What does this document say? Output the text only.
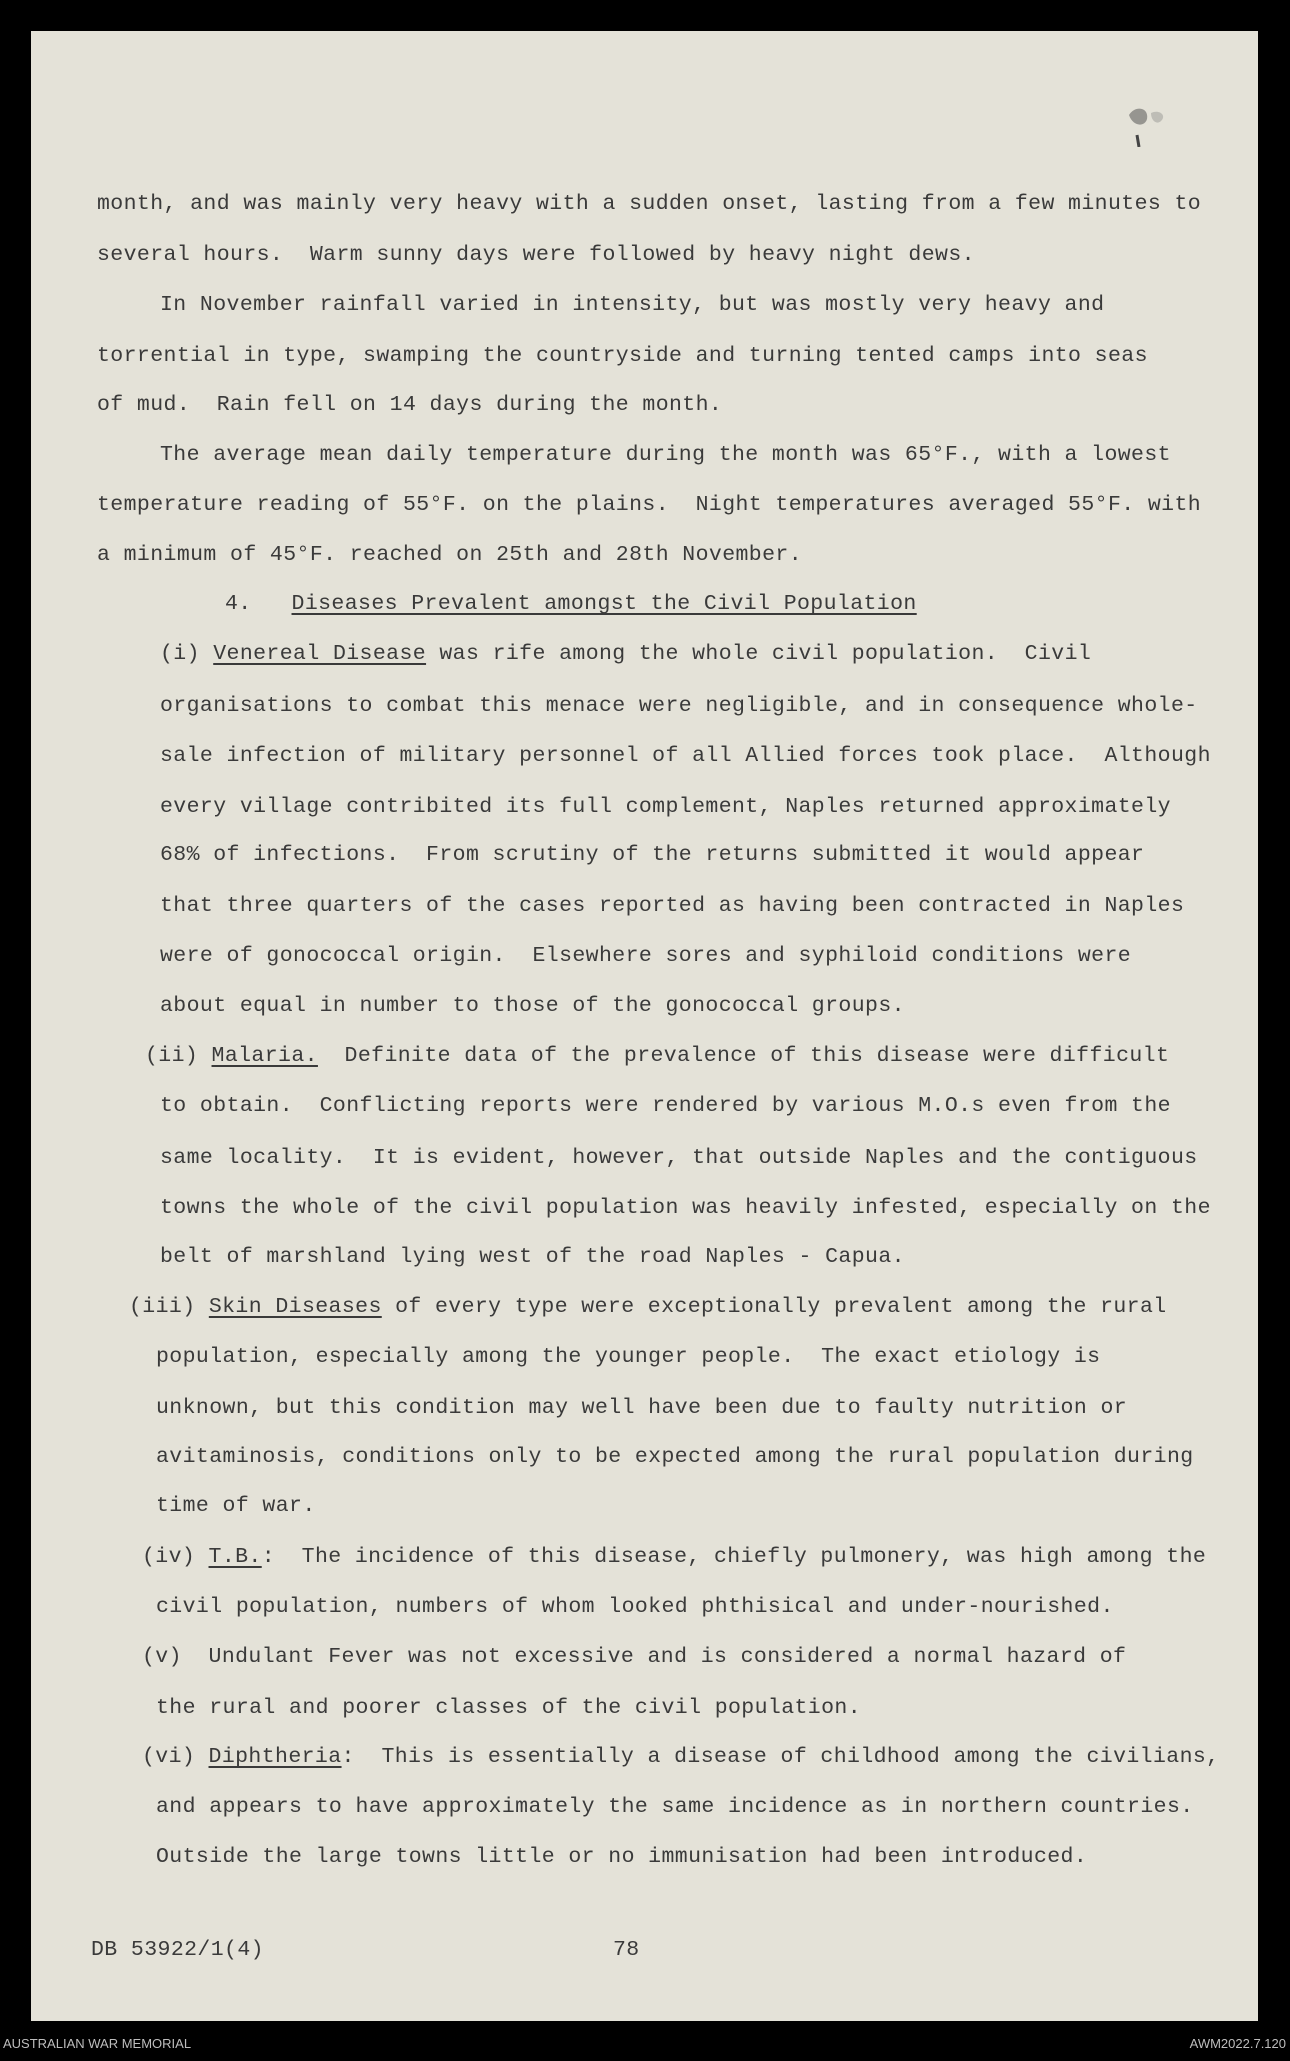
month, and was mainly very heavy with a sudden onset, lasting from a few minutes to
several hours.  Warm sunny days were followed by heavy night dews.
In November rainfall varied in intensity, but was mostly very heavy and
torrential in type, swamping the countryside and turning tented camps into seas
of mud.  Rain fell on 14 days during the month.
The average mean daily temperature during the month was 65°F., with a lowest
temperature reading of 55°F. on the plains.  Night temperatures averaged 55°F. with
a minimum of 45°F. reached on 25th and 28th November.
4.   Diseases Prevalent amongst the Civil Population
(i) Venereal Disease was rife among the whole civil population.  Civil
organisations to combat this menace were negligible, and in consequence whole-
sale infection of military personnel of all Allied forces took place.  Although
every village contribited its full complement, Naples returned approximately
68% of infections.  From scrutiny of the returns submitted it would appear
that three quarters of the cases reported as having been contracted in Naples
were of gonococcal origin.  Elsewhere sores and syphiloid conditions were
about equal in number to those of the gonococcal groups.
(ii) Malaria.  Definite data of the prevalence of this disease were difficult
to obtain.  Conflicting reports were rendered by various M.O.s even from the
same locality.  It is evident, however, that outside Naples and the contiguous
towns the whole of the civil population was heavily infested, especially on the
belt of marshland lying west of the road Naples - Capua.
(iii) Skin Diseases of every type were exceptionally prevalent among the rural
population, especially among the younger people.  The exact etiology is
unknown, but this condition may well have been due to faulty nutrition or
avitaminosis, conditions only to be expected among the rural population during
time of war.
(iv) T.B.:  The incidence of this disease, chiefly pulmonery, was high among the
civil population, numbers of whom looked phthisical and under-nourished.
(v)  Undulant Fever was not excessive and is considered a normal hazard of
the rural and poorer classes of the civil population.
(vi) Diphtheria:  This is essentially a disease of childhood among the civilians,
and appears to have approximately the same incidence as in northern countries.
Outside the large towns little or no immunisation had been introduced.
DB 53922/1(4)	78
AUSTRALIAN WAR MEMORIAL	AWM2022.7.120
